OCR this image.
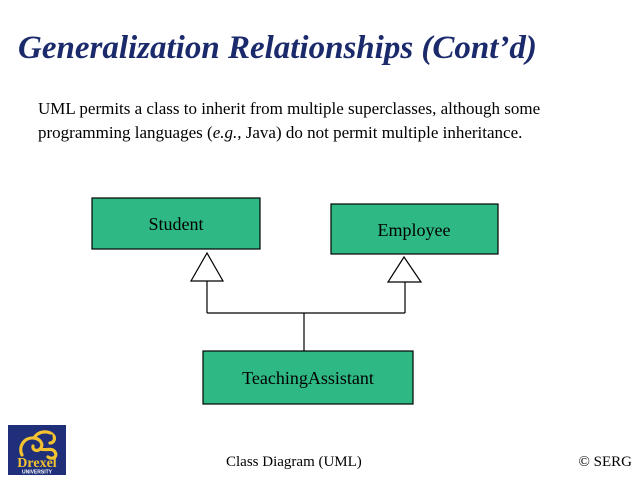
Generalization Relationships (Cont’d)

UML permits a class to inherit from multiple superclasses, although some programming languages (e.g., Java) do not permit multiple inheritance.

Student	Employee
TeachingAssistant
Drexel
UNIVERSITY
Class Diagram (UML)	© SERG
